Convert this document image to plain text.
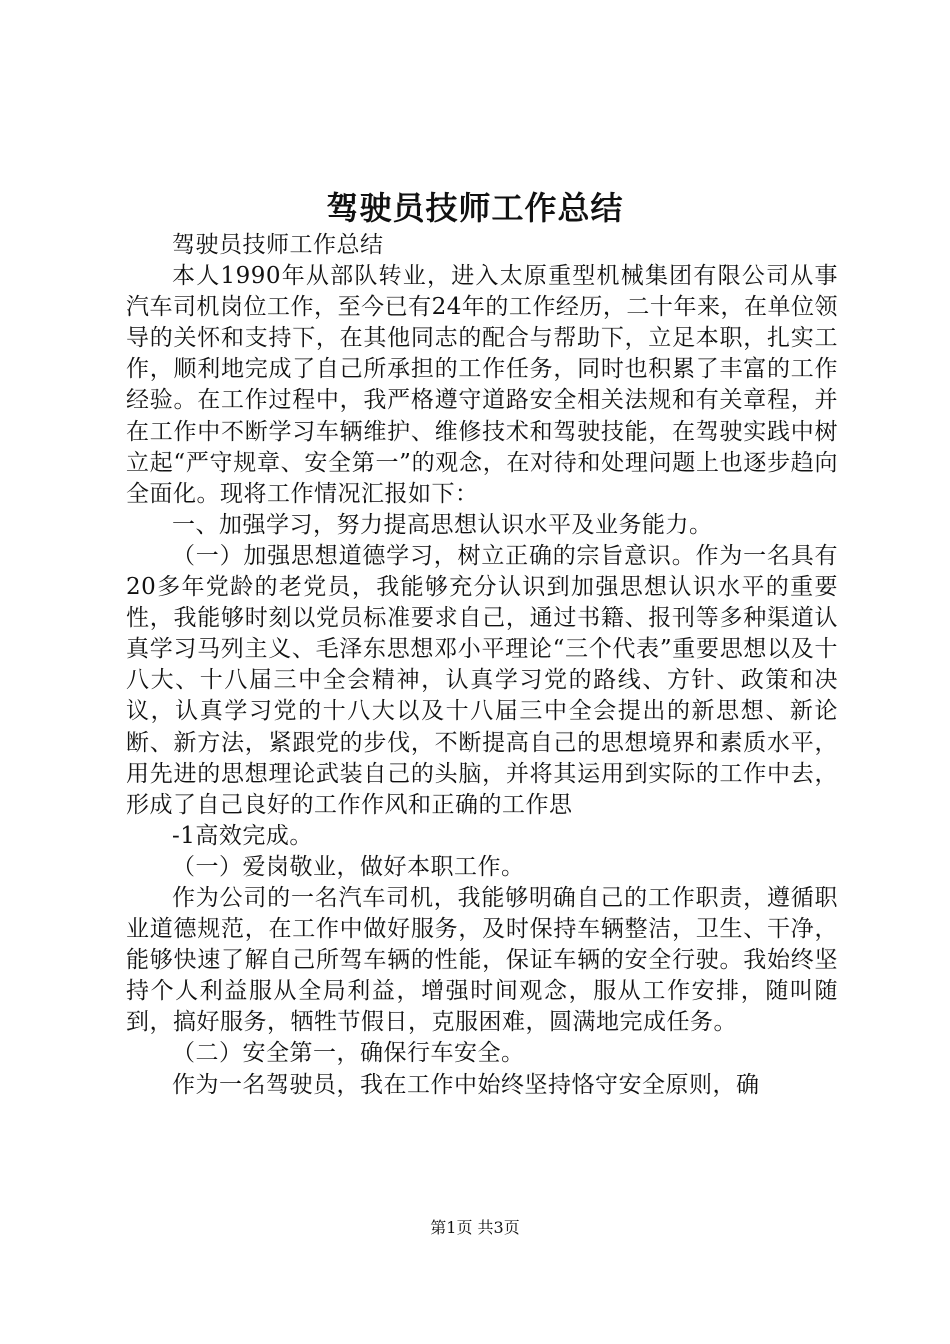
驾驶员技师工作总结

驾驶员技师工作总结

本人1990年从部队转业，进入太原重型机械集团有限公司从事汽车司机岗位工作，至今已有24年的工作经历，二十年来，在单位领导的关怀和支持下，在其他同志的配合与帮助下，立足本职，扎实工作，顺利地完成了自己所承担的工作任务，同时也积累了丰富的工作经验。在工作过程中，我严格遵守道路安全相关法规和有关章程，并在工作中不断学习车辆维护、维修技术和驾驶技能，在驾驶实践中树立起“严守规章、安全第一”的观念，在对待和处理问题上也逐步趋向全面化。现将工作情况汇报如下：

一、加强学习，努力提高思想认识水平及业务能力。

（一）加强思想道德学习，树立正确的宗旨意识。作为一名具有20多年党龄的老党员，我能够充分认识到加强思想认识水平的重要性，我能够时刻以党员标准要求自己，通过书籍、报刊等多种渠道认真学习马列主义、毛泽东思想邓小平理论“三个代表”重要思想以及十八大、十八届三中全会精神，认真学习党的路线、方针、政策和决议，认真学习党的十八大以及十八届三中全会提出的新思想、新论断、新方法，紧跟党的步伐，不断提高自己的思想境界和素质水平，用先进的思想理论武装自己的头脑，并将其运用到实际的工作中去，形成了自己良好的工作作风和正确的工作思

-1高效完成。

（一）爱岗敬业，做好本职工作。

作为公司的一名汽车司机，我能够明确自己的工作职责，遵循职业道德规范，在工作中做好服务，及时保持车辆整洁，卫生、干净，能够快速了解自己所驾车辆的性能，保证车辆的安全行驶。我始终坚持个人利益服从全局利益，增强时间观念，服从工作安排，随叫随到，搞好服务，牺牲节假日，克服困难，圆满地完成任务。

（二）安全第一，确保行车安全。

作为一名驾驶员，我在工作中始终坚持恪守安全原则，确

第1页 共3页
